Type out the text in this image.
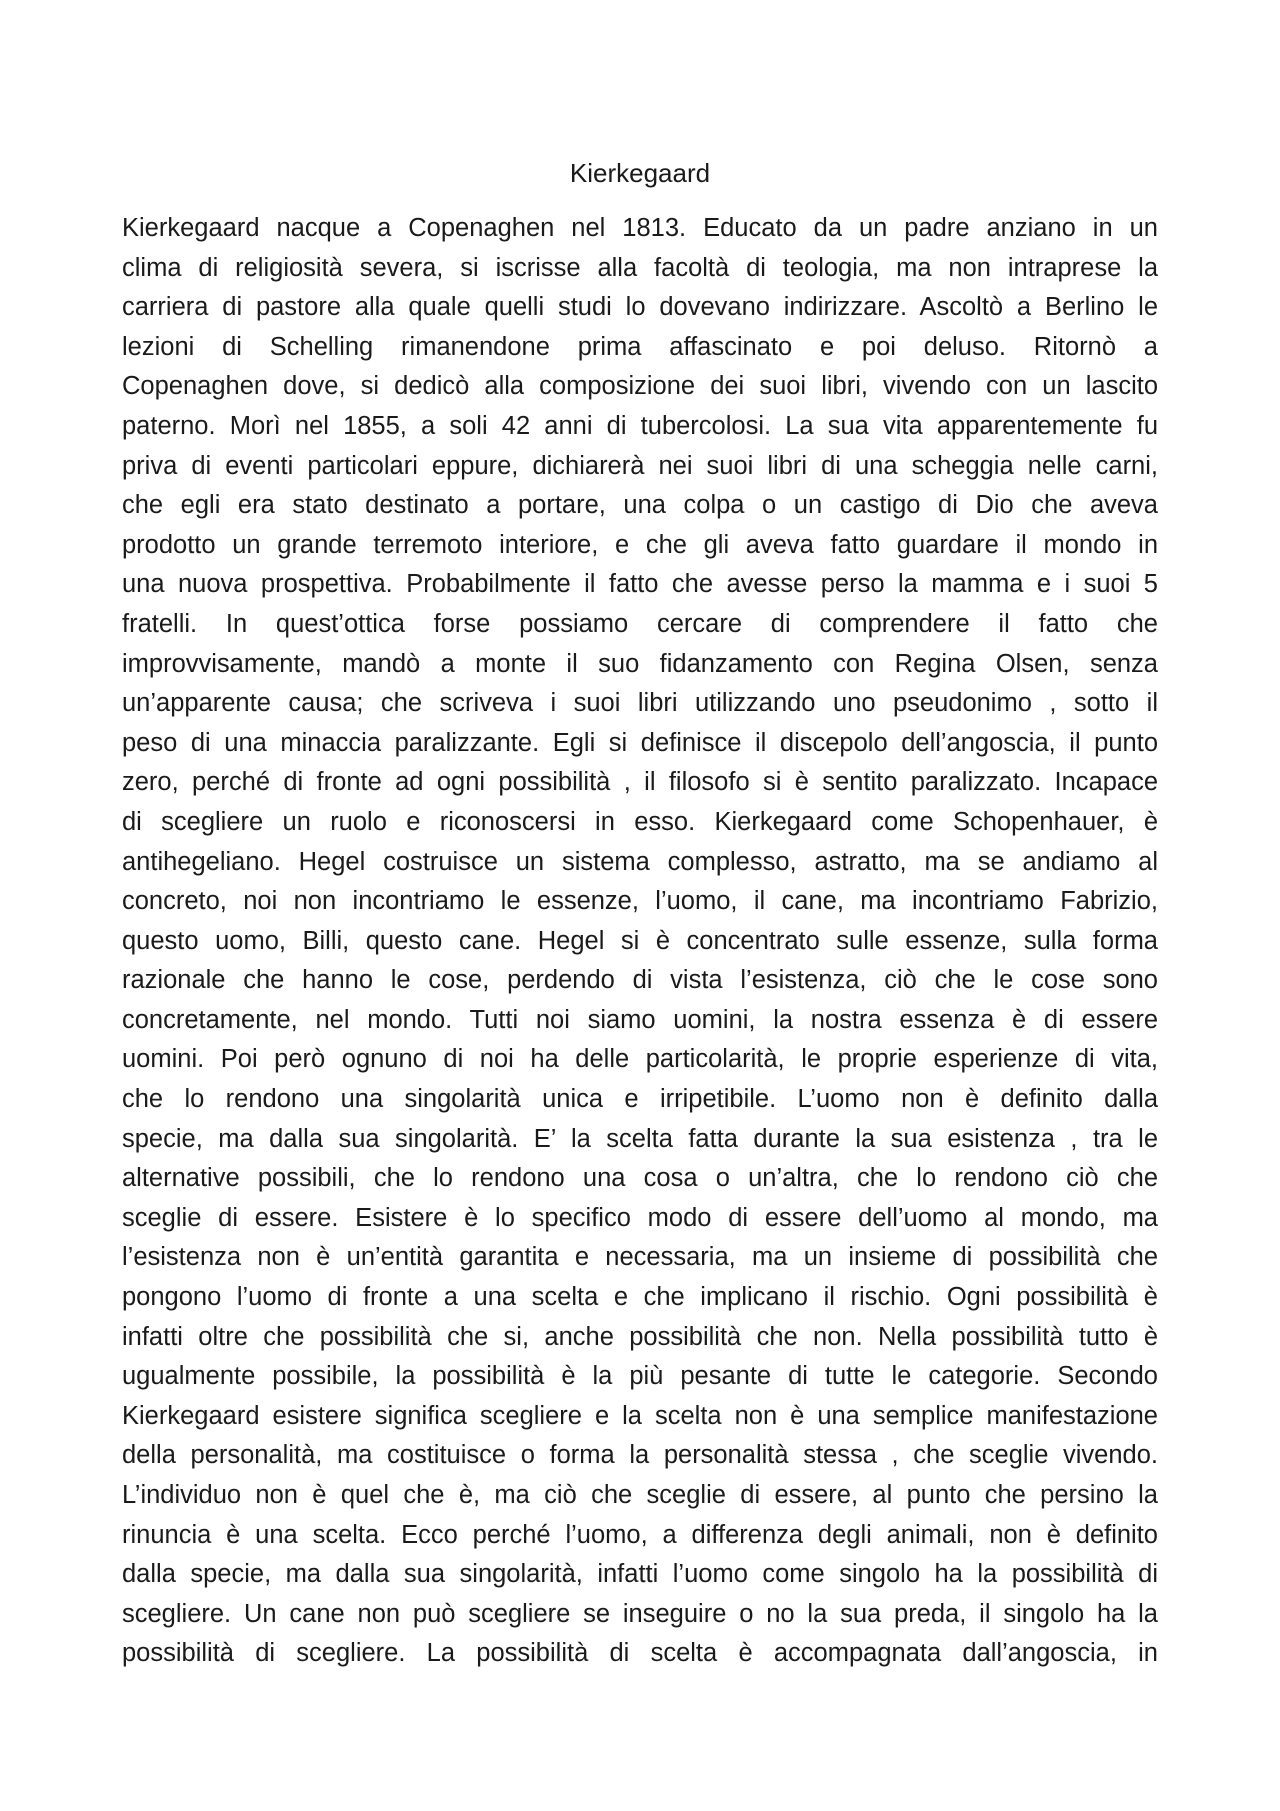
Kierkegaard
Kierkegaard nacque a Copenaghen nel 1813. Educato da un padre anziano in un
clima di religiosità severa, si iscrisse alla facoltà di teologia, ma non intraprese la
carriera di pastore alla quale quelli studi lo dovevano indirizzare. Ascoltò a Berlino le
lezioni di Schelling rimanendone prima affascinato e poi deluso. Ritornò a
Copenaghen dove, si dedicò alla composizione dei suoi libri, vivendo con un lascito
paterno. Morì nel 1855, a soli 42 anni di tubercolosi. La sua vita apparentemente fu
priva di eventi particolari eppure, dichiarerà nei suoi libri di una scheggia nelle carni,
che egli era stato destinato a portare, una colpa o un castigo di Dio che aveva
prodotto un grande terremoto interiore, e che gli aveva fatto guardare il mondo in
una nuova prospettiva. Probabilmente il fatto che avesse perso la mamma e i suoi 5
fratelli. In quest’ottica forse possiamo cercare di comprendere il fatto che
improvvisamente, mandò a monte il suo fidanzamento con Regina Olsen, senza
un’apparente causa; che scriveva i suoi libri utilizzando uno pseudonimo , sotto il
peso di una minaccia paralizzante. Egli si definisce il discepolo dell’angoscia, il punto
zero, perché di fronte ad ogni possibilità , il filosofo si è sentito paralizzato. Incapace
di scegliere un ruolo e riconoscersi in esso. Kierkegaard come Schopenhauer, è
antihegeliano. Hegel costruisce un sistema complesso, astratto, ma se andiamo al
concreto, noi non incontriamo le essenze, l’uomo, il cane, ma incontriamo Fabrizio,
questo uomo, Billi, questo cane. Hegel si è concentrato sulle essenze, sulla forma
razionale che hanno le cose, perdendo di vista l’esistenza, ciò che le cose sono
concretamente, nel mondo. Tutti noi siamo uomini, la nostra essenza è di essere
uomini. Poi però ognuno di noi ha delle particolarità, le proprie esperienze di vita,
che lo rendono una singolarità unica e irripetibile. L’uomo non è definito dalla
specie, ma dalla sua singolarità. E’ la scelta fatta durante la sua esistenza , tra le
alternative possibili, che lo rendono una cosa o un’altra, che lo rendono ciò che
sceglie di essere. Esistere è lo specifico modo di essere dell’uomo al mondo, ma
l’esistenza non è un’entità garantita e necessaria, ma un insieme di possibilità che
pongono l’uomo di fronte a una scelta e che implicano il rischio. Ogni possibilità è
infatti oltre che possibilità che si, anche possibilità che non. Nella possibilità tutto è
ugualmente possibile, la possibilità è la più pesante di tutte le categorie. Secondo
Kierkegaard esistere significa scegliere e la scelta non è una semplice manifestazione
della personalità, ma costituisce o forma la personalità stessa , che sceglie vivendo.
L’individuo non è quel che è, ma ciò che sceglie di essere, al punto che persino la
rinuncia è una scelta. Ecco perché l’uomo, a differenza degli animali, non è definito
dalla specie, ma dalla sua singolarità, infatti l’uomo come singolo ha la possibilità di
scegliere. Un cane non può scegliere se inseguire o no la sua preda, il singolo ha la
possibilità di scegliere. La possibilità di scelta è accompagnata dall’angoscia, in
